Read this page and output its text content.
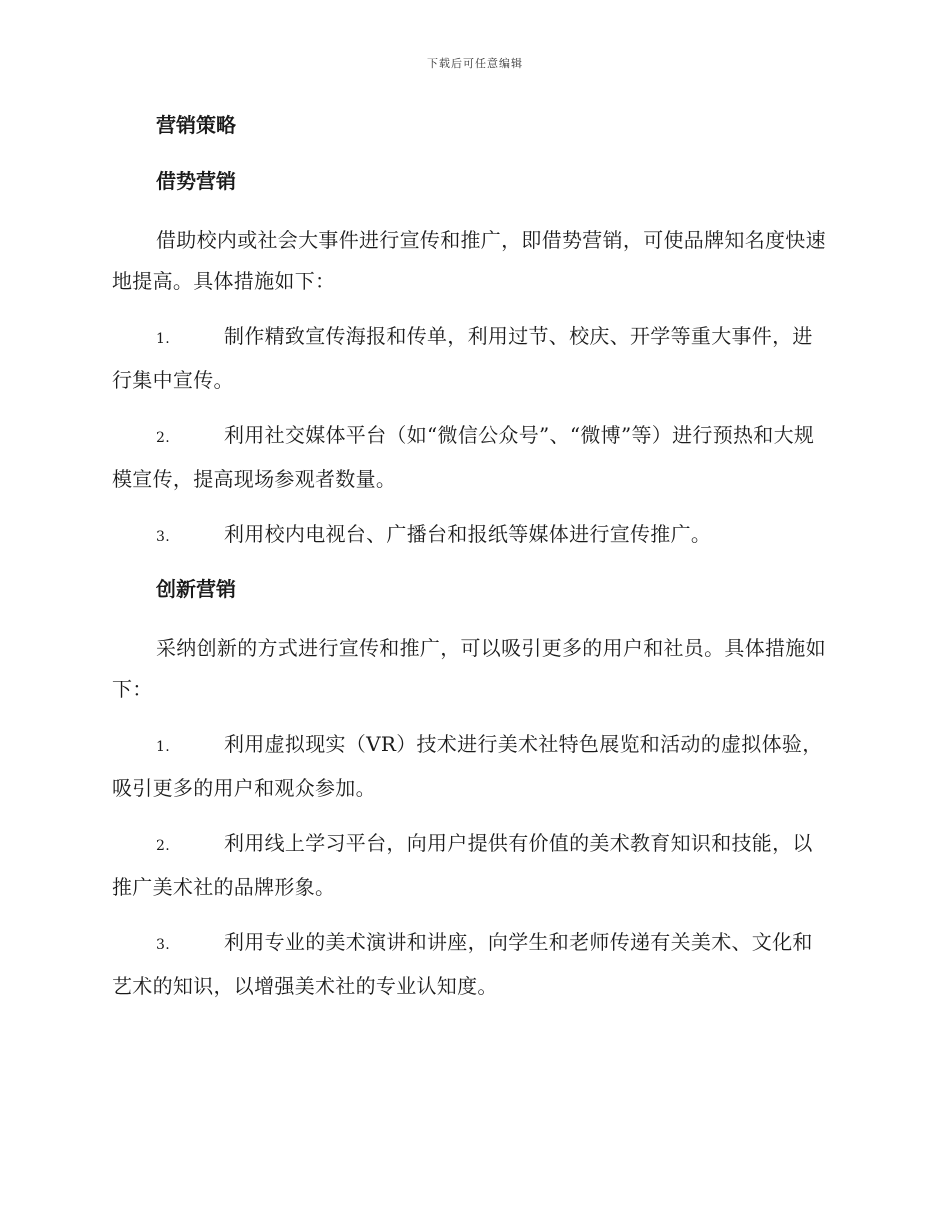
下载后可任意编辑
营销策略
借势营销

借助校内或社会大事件进行宣传和推广，即借势营销，可使品牌知名度快速地提高。具体措施如下：

1.	制作精致宣传海报和传单，利用过节、校庆、开学等重大事件，进行集中宣传。

2.	利用社交媒体平台（如“微信公众号”、“微博”等）进行预热和大规模宣传，提高现场参观者数量。

3.	利用校内电视台、广播台和报纸等媒体进行宣传推广。

创新营销

采纳创新的方式进行宣传和推广，可以吸引更多的用户和社员。具体措施如下：

1.	利用虚拟现实（VR）技术进行美术社特色展览和活动的虚拟体验，吸引更多的用户和观众参加。

2.	利用线上学习平台，向用户提供有价值的美术教育知识和技能，以推广美术社的品牌形象。

3.	利用专业的美术演讲和讲座，向学生和老师传递有关美术、文化和艺术的知识，以增强美术社的专业认知度。
